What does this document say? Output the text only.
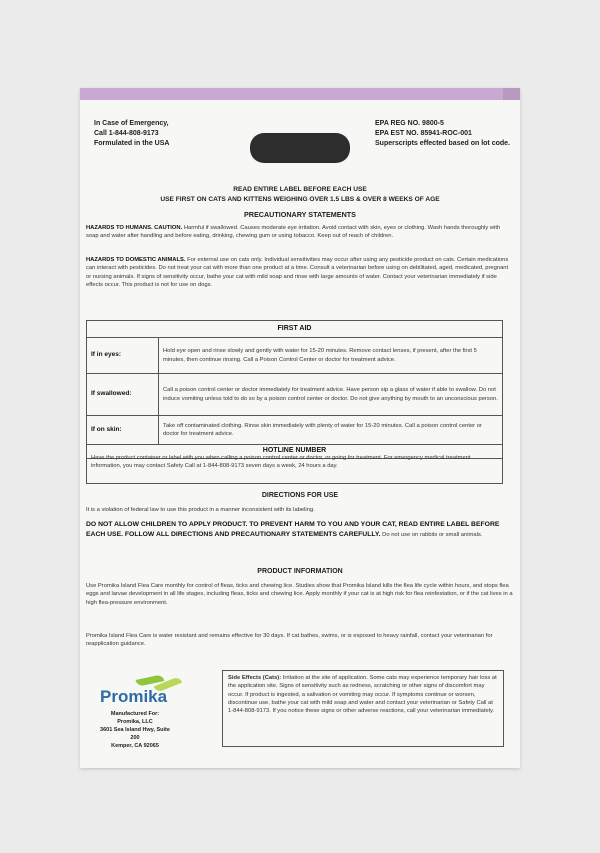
In Case of Emergency,
Call 1-844-808-9173
Formulated in the USA
EPA REG NO. 9800-5
EPA EST NO. 85941-ROC-001
Superscripts effected based on lot code.
READ ENTIRE LABEL BEFORE EACH USE
USE FIRST ON CATS AND KITTENS WEIGHING OVER 1.5 LBS & OVER 8 WEEKS OF AGE
PRECAUTIONARY STATEMENTS
HAZARDS TO HUMANS. CAUTION. Harmful if swallowed. Causes moderate eye irritation. Avoid contact with skin, eyes or clothing. Wash hands thoroughly with soap and water after handling and before eating, drinking, chewing gum or using tobacco. Keep out of reach of children.
HAZARDS TO DOMESTIC ANIMALS. For external use on cats only. Individual sensitivities may occur after using any pesticide product on cats. Certain medications can interact with pesticides. Do not treat your cat with more than one product at a time. Consult a veterinarian before using on debilitated, aged, medicated, pregnant or nursing animals. If signs of sensitivity occur, bathe your cat with mild soap and rinse with large amounts of water. Contact your veterinarian immediately if side effects occur. This product is not for use on dogs.
FIRST AID	
If in eyes:	Hold eye open and rinse slowly and gently with water for 15-20 minutes. Remove contact lenses, if present, after the first 5 minutes, then continue rinsing. Call a Poison Control Center or doctor for treatment advice.
If swallowed:	Call a poison control center or doctor immediately for treatment advice. Have person sip a glass of water if able to swallow. Do not induce vomiting unless told to do so by a poison control center or doctor. Do not give anything by mouth to an unconscious person.
If on skin:	Take off contaminated clothing. Rinse skin immediately with plenty of water for 15-20 minutes. Call a poison control center or doctor for treatment advice.
HOTLINE NUMBER	
Have the product container or label with you when calling a poison control center or doctor, or going for treatment. For emergency medical treatment information, you may contact Safety Call at 1-844-808-9173 seven days a week, 24 hours a day.
DIRECTIONS FOR USE
It is a violation of federal law to use this product in a manner inconsistent with its labeling.
DO NOT ALLOW CHILDREN TO APPLY PRODUCT. TO PREVENT HARM TO YOU AND YOUR CAT, READ ENTIRE LABEL BEFORE EACH USE. FOLLOW ALL DIRECTIONS AND PRECAUTIONARY STATEMENTS CAREFULLY. Do not use on rabbits or small animals.
PRODUCT INFORMATION
Use Promika Island Flea Care monthly for control of fleas, ticks and chewing lice. Studies show that Promika Island kills the flea life cycle within hours, and stops flea eggs and larvae development in all life stages, including fleas, ticks and chewing lice. Apply monthly if your cat is at high risk for flea reinfestation, or if the cat lives in a high flea-pressure environment.
Promika Island Flea Care is water resistant and remains effective for 30 days. If cat bathes, swims, or is exposed to heavy rainfall, contact your veterinarian for reapplication guidance.
Promika
Manufactured For:
Promika, LLC
3601 Sea Island Hwy, Suite 200
Kemper, CA 92065
Side Effects (Cats): Irritation at the site of application. Some cats may experience temporary hair loss at the application site. Signs of sensitivity such as redness, scratching or other signs of discomfort may occur. If product is ingested, a salivation or vomiting may occur. If symptoms continue or worsen, discontinue use, bathe your cat with mild soap and water and contact your veterinarian or Safety Call at 1-844-808-9173. If you notice these signs or other adverse reactions, call your veterinarian immediately.
